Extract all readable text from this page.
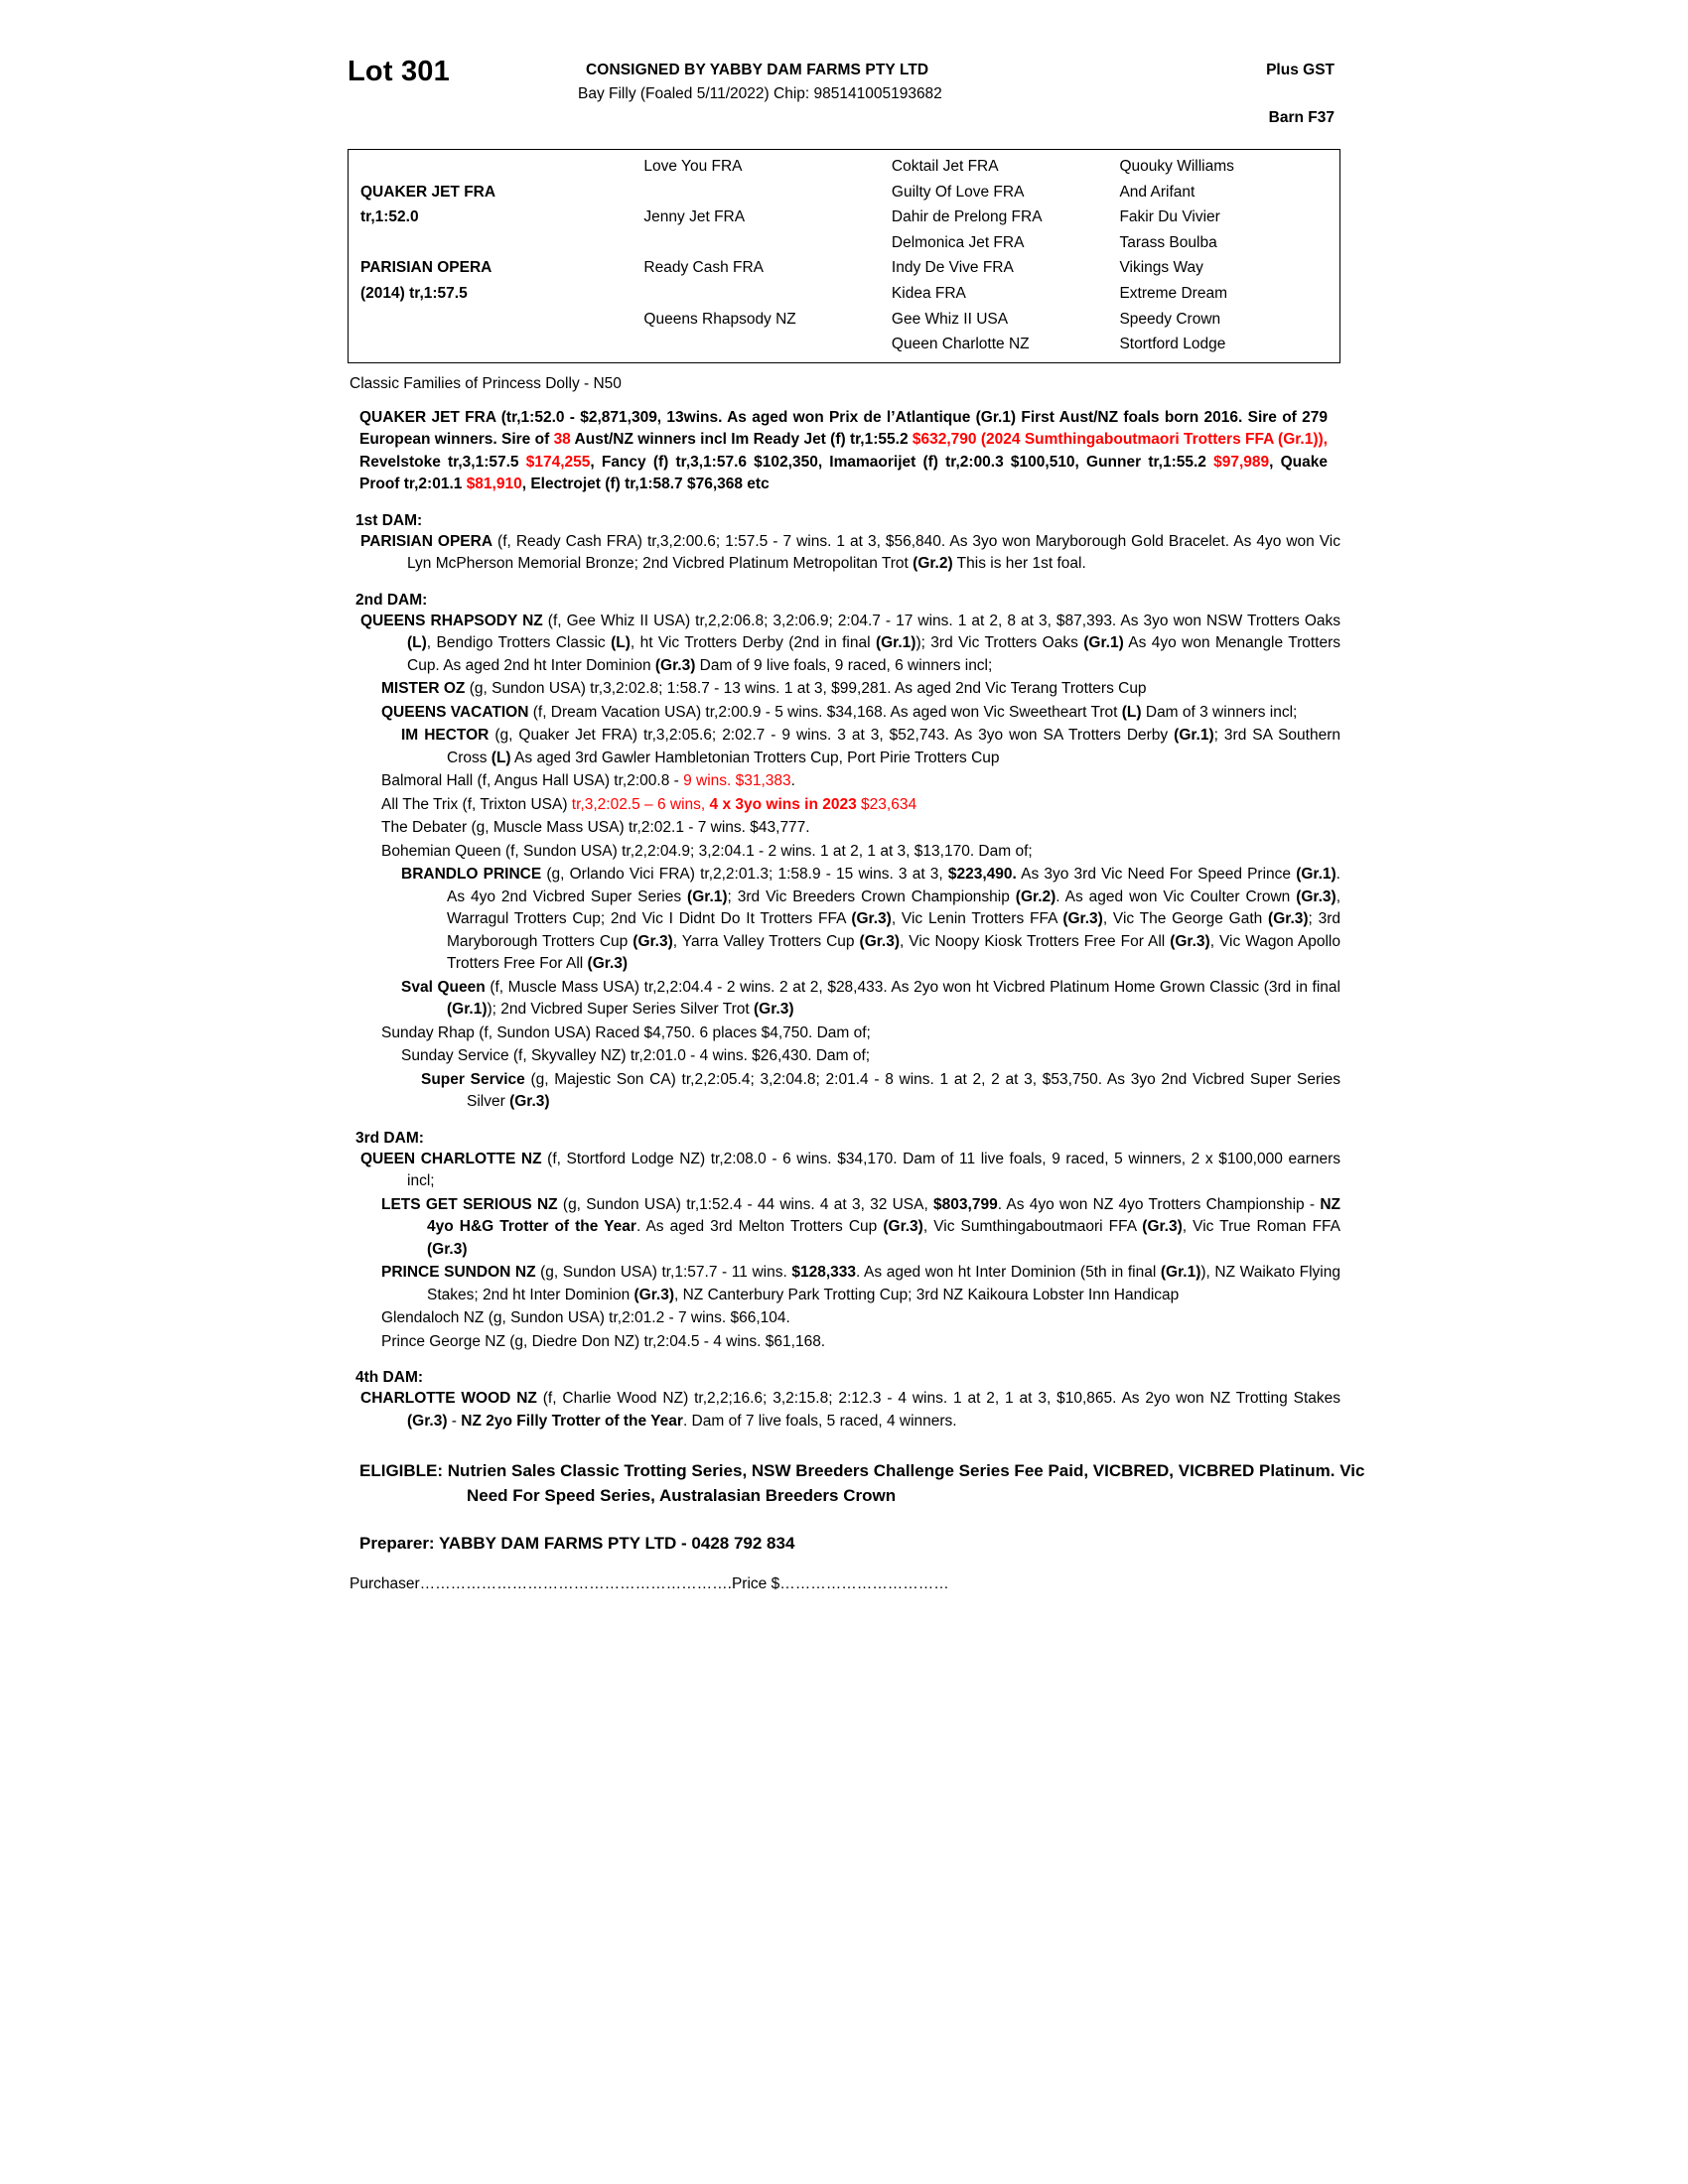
Lot 301	CONSIGNED BY YABBY DAM FARMS PTY LTD	Plus GST
Bay Filly (Foaled 5/11/2022) Chip: 985141005193682
Barn F37

QUAKER JET FRA
tr,1:52.0

PARISIAN OPERA
(2014) tr,1:57.5
Love You FRA

Jenny Jet FRA

Ready Cash FRA

Queens Rhapsody NZ
Coktail Jet FRA
Guilty Of Love FRA
Dahir de Prelong FRA
Delmonica Jet FRA
Indy De Vive FRA
Kidea FRA
Gee Whiz II USA
Queen Charlotte NZ
Quouky Williams
And Arifant
Fakir Du Vivier
Tarass Boulba
Vikings Way
Extreme Dream
Speedy Crown
Stortford Lodge
Classic Families of Princess Dolly - N50
QUAKER JET FRA (tr,1:52.0 - $2,871,309, 13wins. As aged won Prix de l’Atlantique (Gr.1) First Aust/NZ foals born 2016. Sire of 279 European winners. Sire of 38 Aust/NZ winners incl Im Ready Jet (f) tr,1:55.2 $632,790 (2024 Sumthingaboutmaori Trotters FFA (Gr.1)), Revelstoke tr,3,1:57.5 $174,255, Fancy (f) tr,3,1:57.6 $102,350, Imamaorijet (f) tr,2:00.3 $100,510, Gunner tr,1:55.2 $97,989, Quake Proof tr,2:01.1 $81,910, Electrojet (f) tr,1:58.7 $76,368 etc
1st DAM:
PARISIAN OPERA (f, Ready Cash FRA) tr,3,2:00.6; 1:57.5 - 7 wins. 1 at 3, $56,840. As 3yo won Maryborough Gold Bracelet. As 4yo won Vic Lyn McPherson Memorial Bronze; 2nd Vicbred Platinum Metropolitan Trot (Gr.2) This is her 1st foal.
2nd DAM:
QUEENS RHAPSODY NZ (f, Gee Whiz II USA) tr,2,2:06.8; 3,2:06.9; 2:04.7 - 17 wins. 1 at 2, 8 at 3, $87,393. As 3yo won NSW Trotters Oaks (L), Bendigo Trotters Classic (L), ht Vic Trotters Derby (2nd in final (Gr.1)); 3rd Vic Trotters Oaks (Gr.1) As 4yo won Menangle Trotters Cup. As aged 2nd ht Inter Dominion (Gr.3) Dam of 9 live foals, 9 raced, 6 winners incl;
MISTER OZ (g, Sundon USA) tr,3,2:02.8; 1:58.7 - 13 wins. 1 at 3, $99,281. As aged 2nd Vic Terang Trotters Cup
QUEENS VACATION (f, Dream Vacation USA) tr,2:00.9 - 5 wins. $34,168. As aged won Vic Sweetheart Trot (L) Dam of 3 winners incl;
IM HECTOR (g, Quaker Jet FRA) tr,3,2:05.6; 2:02.7 - 9 wins. 3 at 3, $52,743. As 3yo won SA Trotters Derby (Gr.1); 3rd SA Southern Cross (L) As aged 3rd Gawler Hambletonian Trotters Cup, Port Pirie Trotters Cup
Balmoral Hall (f, Angus Hall USA) tr,2:00.8 - 9 wins. $31,383.
All The Trix (f, Trixton USA) tr,3,2:02.5 – 6 wins, 4 x 3yo wins in 2023 $23,634
The Debater (g, Muscle Mass USA) tr,2:02.1 - 7 wins. $43,777.
Bohemian Queen (f, Sundon USA) tr,2,2:04.9; 3,2:04.1 - 2 wins. 1 at 2, 1 at 3, $13,170. Dam of;
BRANDLO PRINCE (g, Orlando Vici FRA) tr,2,2:01.3; 1:58.9 - 15 wins. 3 at 3, $223,490. As 3yo 3rd Vic Need For Speed Prince (Gr.1). As 4yo 2nd Vicbred Super Series (Gr.1); 3rd Vic Breeders Crown Championship (Gr.2). As aged won Vic Coulter Crown (Gr.3), Warragul Trotters Cup; 2nd Vic I Didnt Do It Trotters FFA (Gr.3), Vic Lenin Trotters FFA (Gr.3), Vic The George Gath (Gr.3); 3rd Maryborough Trotters Cup (Gr.3), Yarra Valley Trotters Cup (Gr.3), Vic Noopy Kiosk Trotters Free For All (Gr.3), Vic Wagon Apollo Trotters Free For All (Gr.3)
Sval Queen (f, Muscle Mass USA) tr,2,2:04.4 - 2 wins. 2 at 2, $28,433. As 2yo won ht Vicbred Platinum Home Grown Classic (3rd in final (Gr.1)); 2nd Vicbred Super Series Silver Trot (Gr.3)
Sunday Rhap (f, Sundon USA) Raced $4,750. 6 places $4,750. Dam of;
Sunday Service (f, Skyvalley NZ) tr,2:01.0 - 4 wins. $26,430. Dam of;
Super Service (g, Majestic Son CA) tr,2,2:05.4; 3,2:04.8; 2:01.4 - 8 wins. 1 at 2, 2 at 3, $53,750. As 3yo 2nd Vicbred Super Series Silver (Gr.3)
3rd DAM:
QUEEN CHARLOTTE NZ (f, Stortford Lodge NZ) tr,2:08.0 - 6 wins. $34,170. Dam of 11 live foals, 9 raced, 5 winners, 2 x $100,000 earners incl;
LETS GET SERIOUS NZ (g, Sundon USA) tr,1:52.4 - 44 wins. 4 at 3, 32 USA, $803,799. As 4yo won NZ 4yo Trotters Championship - NZ 4yo H&G Trotter of the Year. As aged 3rd Melton Trotters Cup (Gr.3), Vic Sumthingaboutmaori FFA (Gr.3), Vic True Roman FFA (Gr.3)
PRINCE SUNDON NZ (g, Sundon USA) tr,1:57.7 - 11 wins. $128,333. As aged won ht Inter Dominion (5th in final (Gr.1)), NZ Waikato Flying Stakes; 2nd ht Inter Dominion (Gr.3), NZ Canterbury Park Trotting Cup; 3rd NZ Kaikoura Lobster Inn Handicap
Glendaloch NZ (g, Sundon USA) tr,2:01.2 - 7 wins. $66,104.
Prince George NZ (g, Diedre Don NZ) tr,2:04.5 - 4 wins. $61,168.
4th DAM:
CHARLOTTE WOOD NZ (f, Charlie Wood NZ) tr,2,2;16.6; 3,2:15.8; 2:12.3 - 4 wins. 1 at 2, 1 at 3, $10,865. As 2yo won NZ Trotting Stakes (Gr.3) - NZ 2yo Filly Trotter of the Year. Dam of 7 live foals, 5 raced, 4 winners.
ELIGIBLE: Nutrien Sales Classic Trotting Series, NSW Breeders Challenge Series Fee Paid, VICBRED, VICBRED Platinum. Vic Need For Speed Series, Australasian Breeders Crown
Preparer: YABBY DAM FARMS PTY LTD - 0428 792 834
Purchaser…………………………………………………….Price $……………………………
